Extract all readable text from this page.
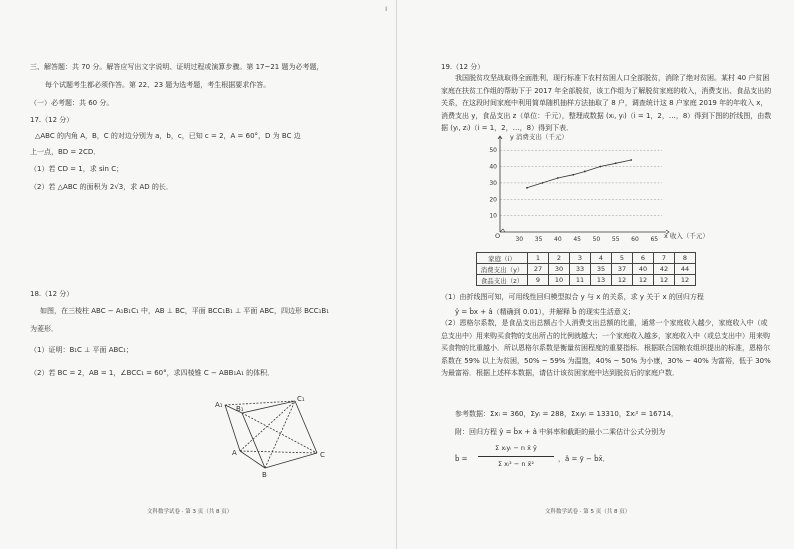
ı
三、解答题：共 70 分。解答应写出文字说明、证明过程或演算步骤。第 17~21 题为必考题，
每个试题考生都必须作答。第 22、23 题为选考题，考生根据要求作答。
（一）必考题：共 60 分。
17.（12 分）
△ABC 的内角 A，B，C 的对边分别为 a，b，c，已知 c = 2，A = 60°，D 为 BC 边
上一点，BD = 2CD．
（1）若 CD = 1，求 sin C；
（2）若 △ABC 的面积为 2√3，求 AD 的长．
18.（12 分）
如图，在三棱柱 ABC − A₁B₁C₁ 中，AB ⊥ BC，平面 BCC₁B₁ ⊥ 平面 ABC，四边形 BCC₁B₁
为菱形．
（1）证明：B₁C ⊥ 平面 ABC₁；
（2）若 BC = 2，AB = 1，∠BCC₁ = 60°，求四棱锥 C − ABB₁A₁ 的体积．
A₁ B₁
C₁
A
B
C
文科数学试卷 · 第 3 页（共 8 页）
19.（12 分）
我国脱贫攻坚战取得全面胜利，现行标准下农村贫困人口全部脱贫，消除了绝对贫困。某村 40 户贫困家庭在扶贫工作组的帮助下于 2017 年全部脱贫，该工作组为了解脱贫家庭的收入，消费支出、食品支出的关系，在这段时间家庭中利用简单随机抽样方法抽取了 8 户，调查统计这 8 户家庭 2019 年的年收入 x，消费支出 y，食品支出 z（单位：千元），整理成数据 (xᵢ, yᵢ)（i = 1，2，…，8）得到下图的折线图，由数据 (yᵢ, zᵢ)（i = 1，2，…，8）得到下表．
10
20
30
40
50
30 35 40 45 50 55 60 65
y 消费支出（千元）
x 收入（千元）
O
家庭（i）	1	2	3	4	5	6	7	8
消费支出（y）	27	30	33	35	37	40	42	44
食品支出（z）	9	10	11	13	12	12	12	12
（1）由折线图可知，可用线性回归模型拟合 y 与 x 的关系，求 y 关于 x 的回归方程
ŷ = b̂x + â（精确到 0.01），并解释 b̂ 的现实生活意义；
（2）恩格尔系数，是食品支出总额占个人消费支出总额的比重，通常一个家庭收入越少，家庭收入中（或总支出中）用来购买食物的支出所占的比例就越大；一个家庭收入越多，家庭收入中（或总支出中）用来购买食物的比重越小．所以恩格尔系数是衡量贫困程度的重要指标．根据联合国粮农组织提出的标准，恩格尔系数在 59% 以上为贫困，50% ~ 59% 为温饱，40% ~ 50% 为小康，30% ~ 40% 为富裕，低于 30% 为最富裕．根据上述样本数据，请估计该贫困家庭中达到脱贫后的家庭户数．
参考数据：Σxᵢ = 360，Σyᵢ = 288，Σxᵢyᵢ = 13310，Σxᵢ² = 16714．
附：回归方程 ŷ = b̂x + â 中斜率和截距的最小二乘估计公式分别为
b̂ =
Σ xᵢyᵢ − n x̄ ȳ
Σ xᵢ² − n x̄²
，â = ȳ − b̂x̄．
文科数学试卷 · 第 5 页（共 8 页）
